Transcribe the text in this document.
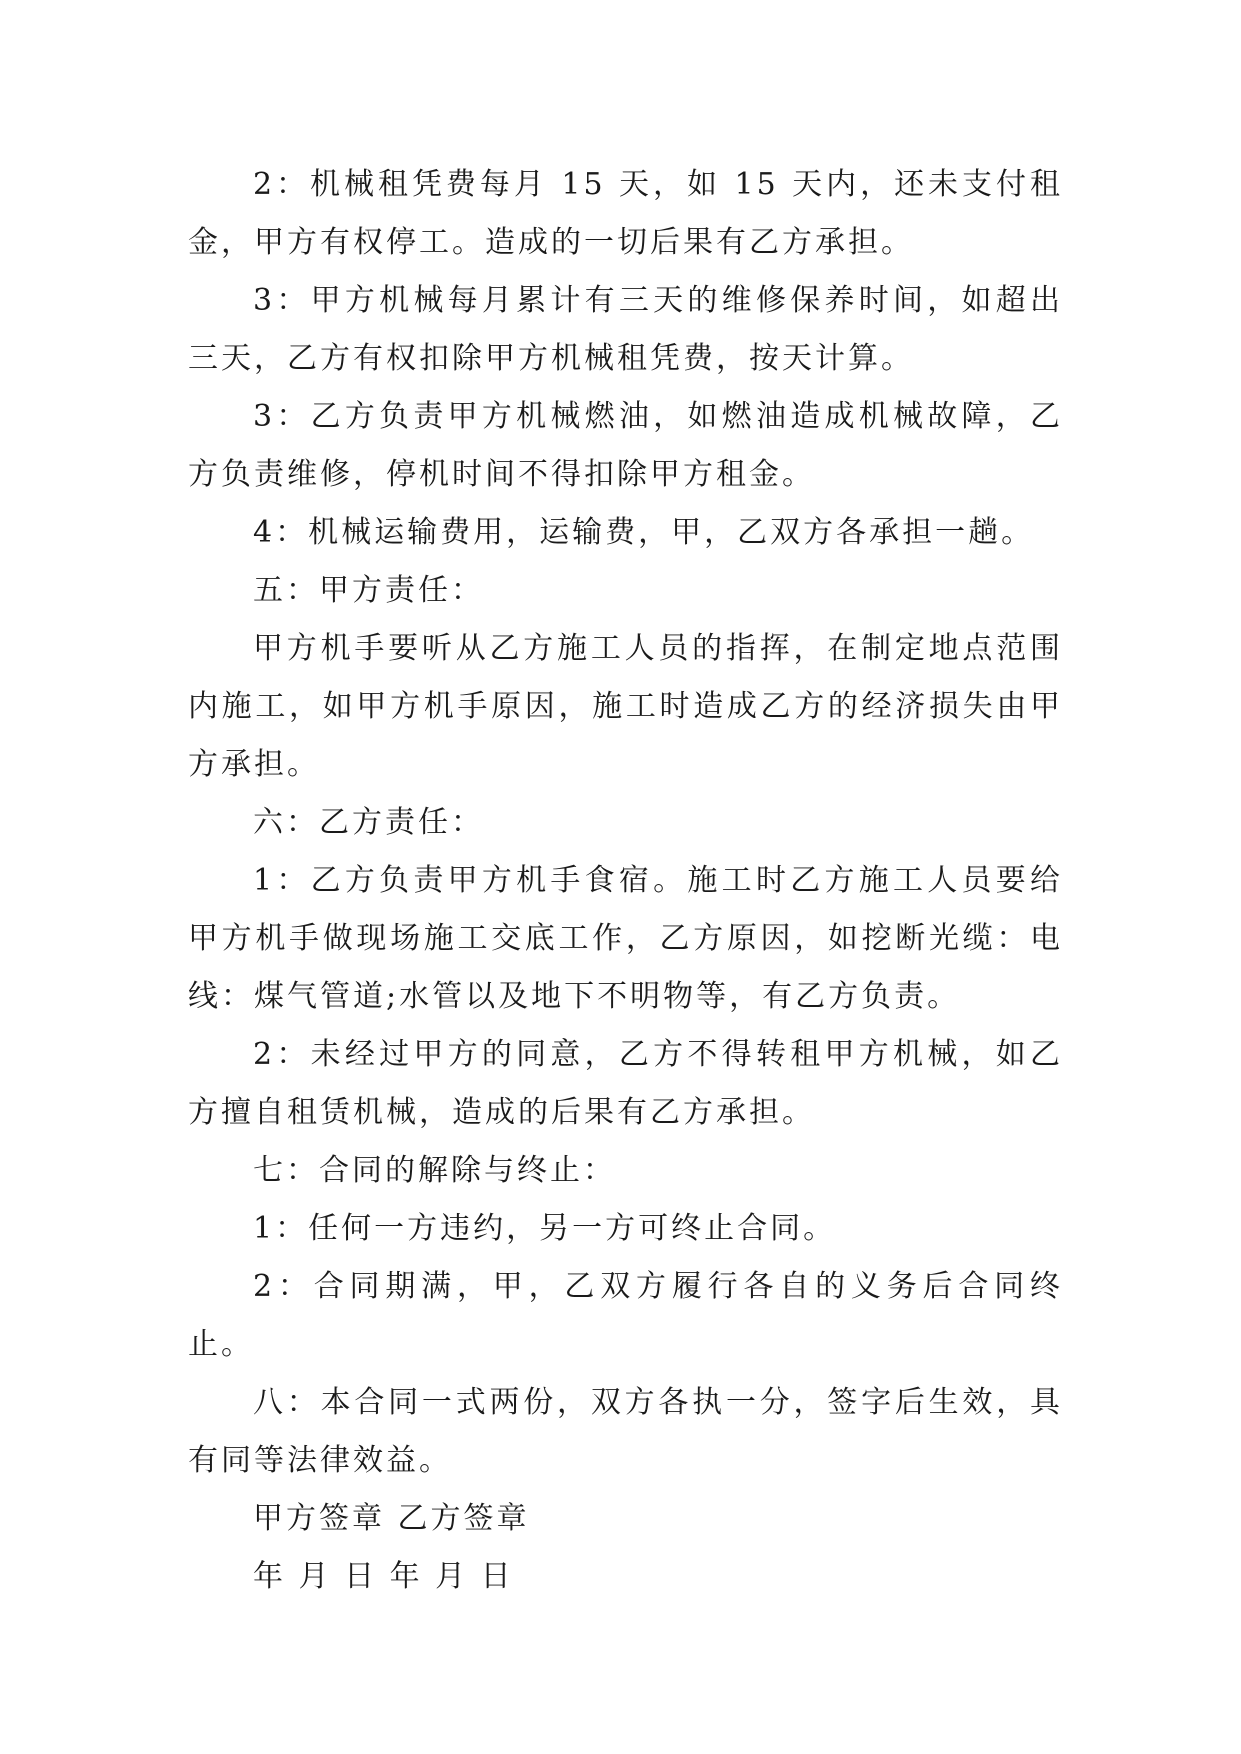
2：机械租凭费每月 15 天，如 15 天内，还未支付租金，甲方有权停工。造成的一切后果有乙方承担。

3：甲方机械每月累计有三天的维修保养时间，如超出三天，乙方有权扣除甲方机械租凭费，按天计算。

3：乙方负责甲方机械燃油，如燃油造成机械故障，乙方负责维修，停机时间不得扣除甲方租金。

4：机械运输费用，运输费，甲，乙双方各承担一趟。

五：甲方责任：

甲方机手要听从乙方施工人员的指挥，在制定地点范围内施工，如甲方机手原因，施工时造成乙方的经济损失由甲方承担。

六：乙方责任：

1：乙方负责甲方机手食宿。施工时乙方施工人员要给甲方机手做现场施工交底工作，乙方原因，如挖断光缆：电线：煤气管道;水管以及地下不明物等，有乙方负责。

2：未经过甲方的同意，乙方不得转租甲方机械，如乙方擅自租赁机械，造成的后果有乙方承担。

七：合同的解除与终止：

1：任何一方违约，另一方可终止合同。

2：合同期满，甲，乙双方履行各自的义务后合同终止。

八：本合同一式两份，双方各执一分，签字后生效，具有同等法律效益。

甲方签章 乙方签章

年 月 日 年 月 日
